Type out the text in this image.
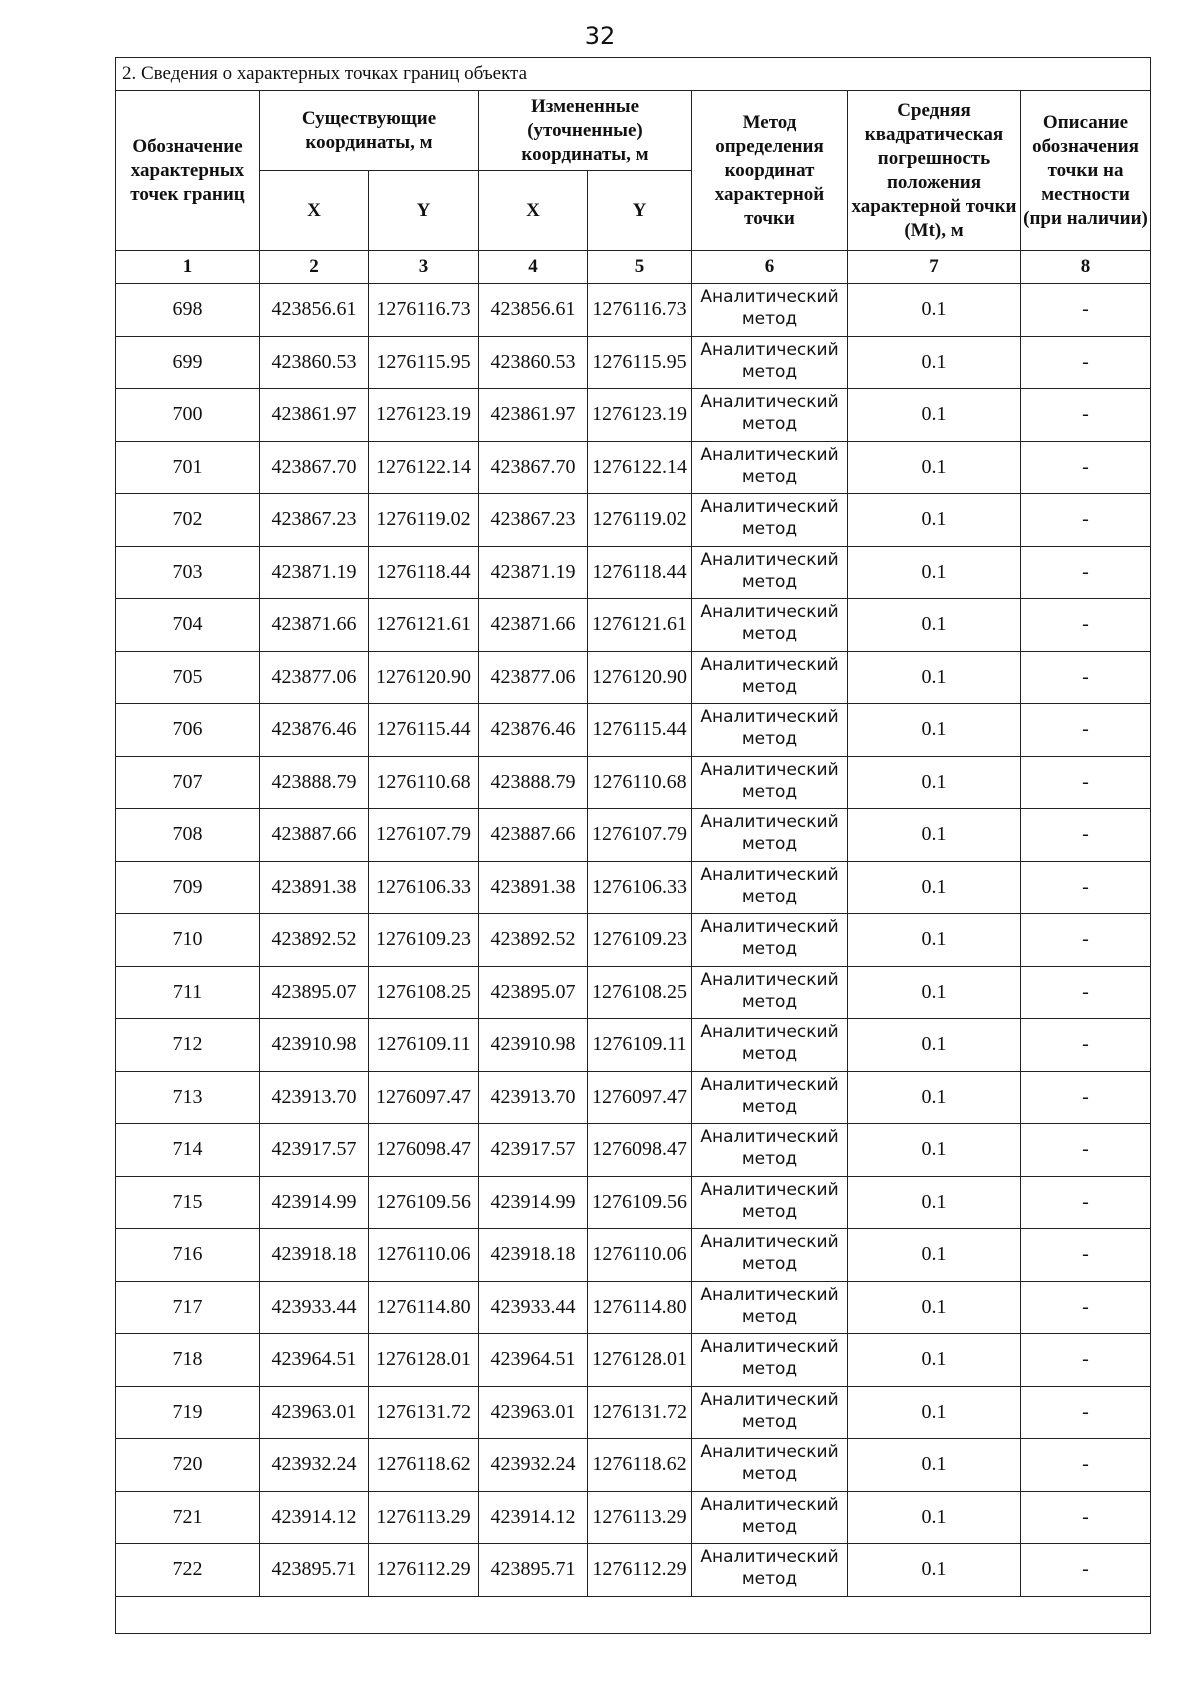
32
2. Сведения о характерных точках границ объекта							
Обозначение характерных точек границ	Существующие координаты, м		Измененные (уточненные) координаты, м		Метод определения координат характерной точки	Средняя квадратическая погрешность положения характерной точки (Mt), м	Описание обозначения точки на местности (при наличии)
	X	Y	X	Y			
1	2	3	4	5	6	7	8
698	423856.61	1276116.73	423856.61	1276116.73	Аналитический метод	0.1	-
699	423860.53	1276115.95	423860.53	1276115.95	Аналитический метод	0.1	-
700	423861.97	1276123.19	423861.97	1276123.19	Аналитический метод	0.1	-
701	423867.70	1276122.14	423867.70	1276122.14	Аналитический метод	0.1	-
702	423867.23	1276119.02	423867.23	1276119.02	Аналитический метод	0.1	-
703	423871.19	1276118.44	423871.19	1276118.44	Аналитический метод	0.1	-
704	423871.66	1276121.61	423871.66	1276121.61	Аналитический метод	0.1	-
705	423877.06	1276120.90	423877.06	1276120.90	Аналитический метод	0.1	-
706	423876.46	1276115.44	423876.46	1276115.44	Аналитический метод	0.1	-
707	423888.79	1276110.68	423888.79	1276110.68	Аналитический метод	0.1	-
708	423887.66	1276107.79	423887.66	1276107.79	Аналитический метод	0.1	-
709	423891.38	1276106.33	423891.38	1276106.33	Аналитический метод	0.1	-
710	423892.52	1276109.23	423892.52	1276109.23	Аналитический метод	0.1	-
711	423895.07	1276108.25	423895.07	1276108.25	Аналитический метод	0.1	-
712	423910.98	1276109.11	423910.98	1276109.11	Аналитический метод	0.1	-
713	423913.70	1276097.47	423913.70	1276097.47	Аналитический метод	0.1	-
714	423917.57	1276098.47	423917.57	1276098.47	Аналитический метод	0.1	-
715	423914.99	1276109.56	423914.99	1276109.56	Аналитический метод	0.1	-
716	423918.18	1276110.06	423918.18	1276110.06	Аналитический метод	0.1	-
717	423933.44	1276114.80	423933.44	1276114.80	Аналитический метод	0.1	-
718	423964.51	1276128.01	423964.51	1276128.01	Аналитический метод	0.1	-
719	423963.01	1276131.72	423963.01	1276131.72	Аналитический метод	0.1	-
720	423932.24	1276118.62	423932.24	1276118.62	Аналитический метод	0.1	-
721	423914.12	1276113.29	423914.12	1276113.29	Аналитический метод	0.1	-
722	423895.71	1276112.29	423895.71	1276112.29	Аналитический метод	0.1	-
